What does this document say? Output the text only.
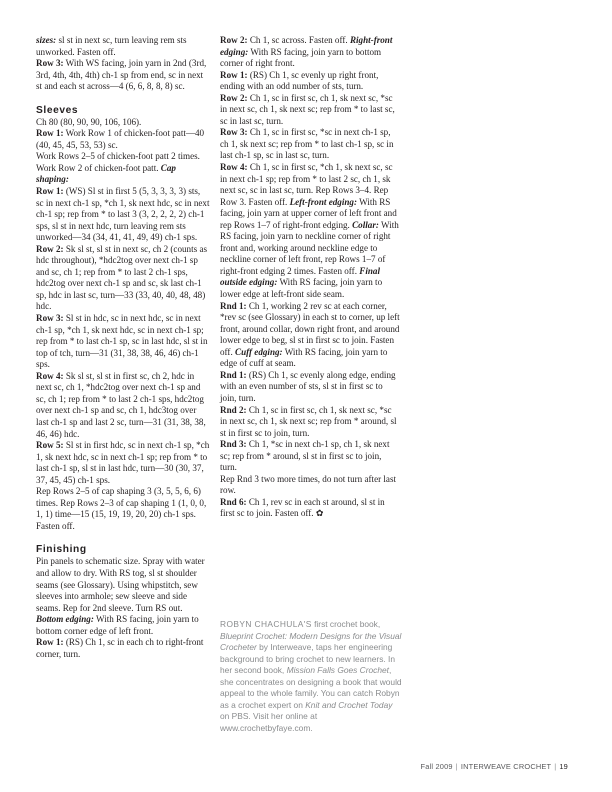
sizes: sl st in next sc, turn leaving rem sts unworked. Fasten off.

Row 3: With WS facing, join yarn in 2nd (3rd, 3rd, 4th, 4th, 4th) ch-1 sp from end, sc in next st and each st across—4 (6, 6, 8, 8, 8) sc.

Sleeves

Ch 80 (80, 90, 90, 106, 106).

Row 1: Work Row 1 of chicken-foot patt—40 (40, 45, 45, 53, 53) sc.

Work Rows 2–5 of chicken-foot patt 2 times. Work Row 2 of chicken-foot patt. Cap shaping:

Row 1: (WS) Sl st in first 5 (5, 3, 3, 3, 3) sts, sc in next ch-1 sp, *ch 1, sk next hdc, sc in next ch-1 sp; rep from * to last 3 (3, 2, 2, 2, 2) ch-1 sps, sl st in next hdc, turn leaving rem sts unworked—34 (34, 41, 41, 49, 49) ch-1 sps.

Row 2: Sk sl st, sl st in next sc, ch 2 (counts as hdc throughout), *hdc2tog over next ch-1 sp and sc, ch 1; rep from * to last 2 ch-1 sps, hdc2tog over next ch-1 sp and sc, sk last ch-1 sp, hdc in last sc, turn—33 (33, 40, 40, 48, 48) hdc.

Row 3: Sl st in hdc, sc in next hdc, sc in next ch-1 sp, *ch 1, sk next hdc, sc in next ch-1 sp; rep from * to last ch-1 sp, sc in last hdc, sl st in top of tch, turn—31 (31, 38, 38, 46, 46) ch-1 sps.

Row 4: Sk sl st, sl st in first sc, ch 2, hdc in next sc, ch 1, *hdc2tog over next ch-1 sp and sc, ch 1; rep from * to last 2 ch-1 sps, hdc2tog over next ch-1 sp and sc, ch 1, hdc3tog over last ch-1 sp and last 2 sc, turn—31 (31, 38, 38, 46, 46) hdc.

Row 5: Sl st in first hdc, sc in next ch-1 sp, *ch 1, sk next hdc, sc in next ch-1 sp; rep from * to last ch-1 sp, sl st in last hdc, turn—30 (30, 37, 37, 45, 45) ch-1 sps.

Rep Rows 2–5 of cap shaping 3 (3, 5, 5, 6, 6) times. Rep Rows 2–3 of cap shaping 1 (1, 0, 0, 1, 1) time—15 (15, 19, 19, 20, 20) ch-1 sps. Fasten off.

Finishing

Pin panels to schematic size. Spray with water and allow to dry. With RS tog, sl st shoulder seams (see Glossary). Using whipstitch, sew sleeves into armhole; sew sleeve and side seams. Rep for 2nd sleeve. Turn RS out. Bottom edging: With RS facing, join yarn to bottom corner edge of left front.

Row 1: (RS) Ch 1, sc in each ch to right-front corner, turn.

Row 2: Ch 1, sc across. Fasten off. Right-front edging: With RS facing, join yarn to bottom corner of right front.

Row 1: (RS) Ch 1, sc evenly up right front, ending with an odd number of sts, turn.

Row 2: Ch 1, sc in first sc, ch 1, sk next sc, *sc in next sc, ch 1, sk next sc; rep from * to last sc, sc in last sc, turn.

Row 3: Ch 1, sc in first sc, *sc in next ch-1 sp, ch 1, sk next sc; rep from * to last ch-1 sp, sc in last ch-1 sp, sc in last sc, turn.

Row 4: Ch 1, sc in first sc, *ch 1, sk next sc, sc in next ch-1 sp; rep from * to last 2 sc, ch 1, sk next sc, sc in last sc, turn. Rep Rows 3–4. Rep Row 3. Fasten off. Left-front edging: With RS facing, join yarn at upper corner of left front and rep Rows 1–7 of right-front edging. Collar: With RS facing, join yarn to neckline corner of right front and, working around neckline edge to neckline corner of left front, rep Rows 1–7 of right-front edging 2 times. Fasten off. Final outside edging: With RS facing, join yarn to lower edge at left-front side seam.

Rnd 1: Ch 1, working 2 rev sc at each corner, *rev sc (see Glossary) in each st to corner, up left front, around collar, down right front, and around lower edge to beg, sl st in first sc to join. Fasten off. Cuff edging: With RS facing, join yarn to edge of cuff at seam.

Rnd 1: (RS) Ch 1, sc evenly along edge, ending with an even number of sts, sl st in first sc to join, turn.

Rnd 2: Ch 1, sc in first sc, ch 1, sk next sc, *sc in next sc, ch 1, sk next sc; rep from * around, sl st in first sc to join, turn.

Rnd 3: Ch 1, *sc in next ch-1 sp, ch 1, sk next sc; rep from * around, sl st in first sc to join, turn.

Rep Rnd 3 two more times, do not turn after last row.

Rnd 6: Ch 1, rev sc in each st around, sl st in first sc to join. Fasten off. ✿

ROBYN CHACHULA'S first crochet book, Blueprint Crochet: Modern Designs for the Visual Crocheter by Interweave, taps her engineering background to bring crochet to new learners. In her second book, Mission Falls Goes Crochet, she concentrates on designing a book that would appeal to the whole family. You can catch Robyn as a crochet expert on Knit and Crochet Today on PBS. Visit her online at www.crochetbyfaye.com.
Fall 2009 | INTERWEAVE CROCHET | 19
